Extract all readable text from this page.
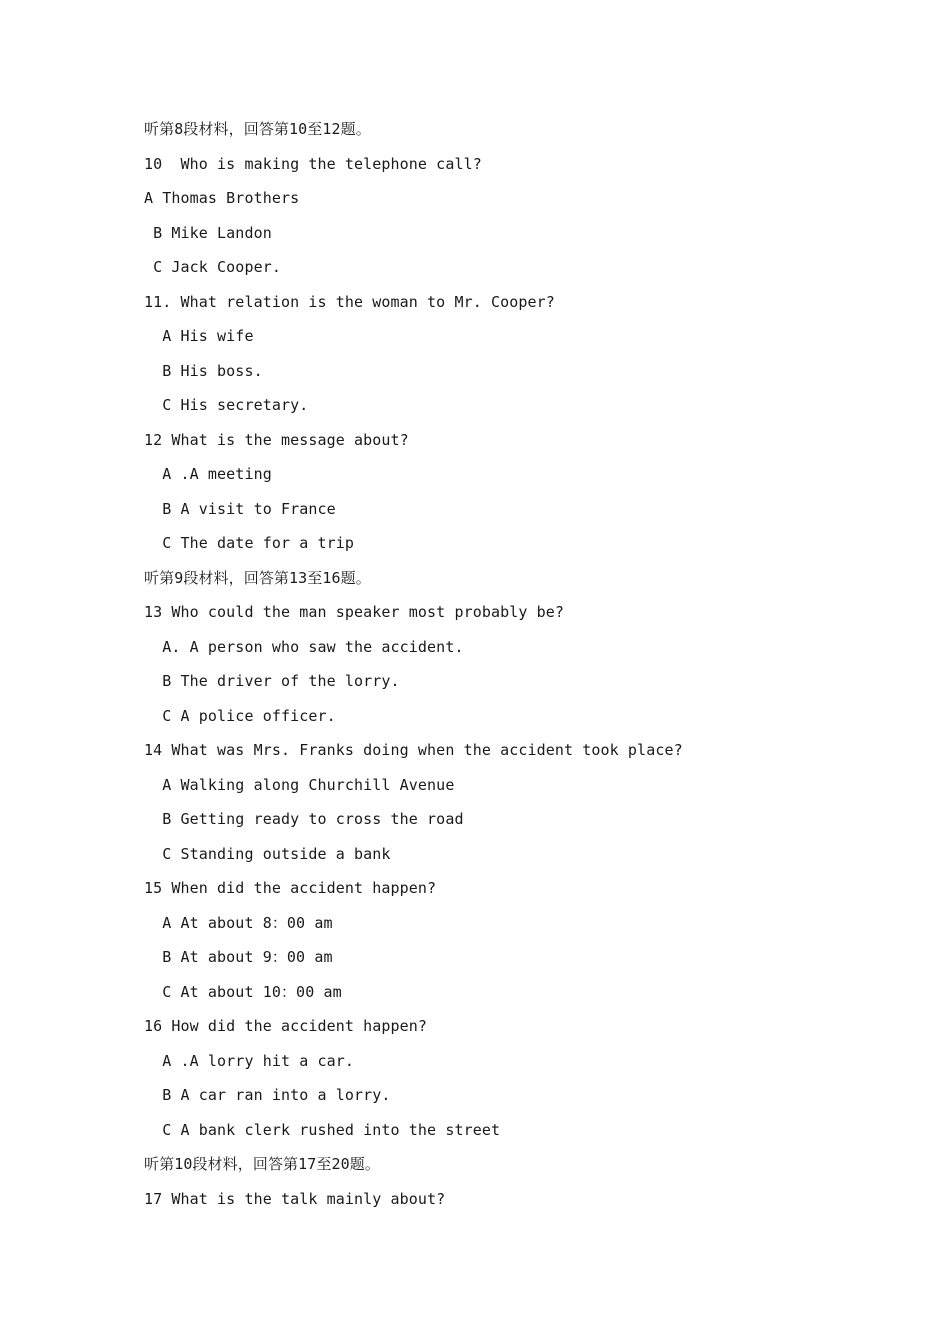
听第8段材料，回答第10至12题。
10  Who is making the telephone call?
A Thomas Brothers
B Mike Landon
C Jack Cooper.
11. What relation is the woman to Mr. Cooper?
A His wife
B His boss.
C His secretary.
12 What is the message about?
A .A meeting
B A visit to France
C The date for a trip
听第9段材料，回答第13至16题。
13 Who could the man speaker most probably be?
A. A person who saw the accident.
B The driver of the lorry.
C A police officer.
14 What was Mrs. Franks doing when the accident took place?
A Walking along Churchill Avenue
B Getting ready to cross the road
C Standing outside a bank
15 When did the accident happen?
A At about 8：00 am
B At about 9：00 am
C At about 10：00 am
16 How did the accident happen?
A .A lorry hit a car.
B A car ran into a lorry.
C A bank clerk rushed into the street
听第10段材料，回答第17至20题。
17 What is the talk mainly about?
